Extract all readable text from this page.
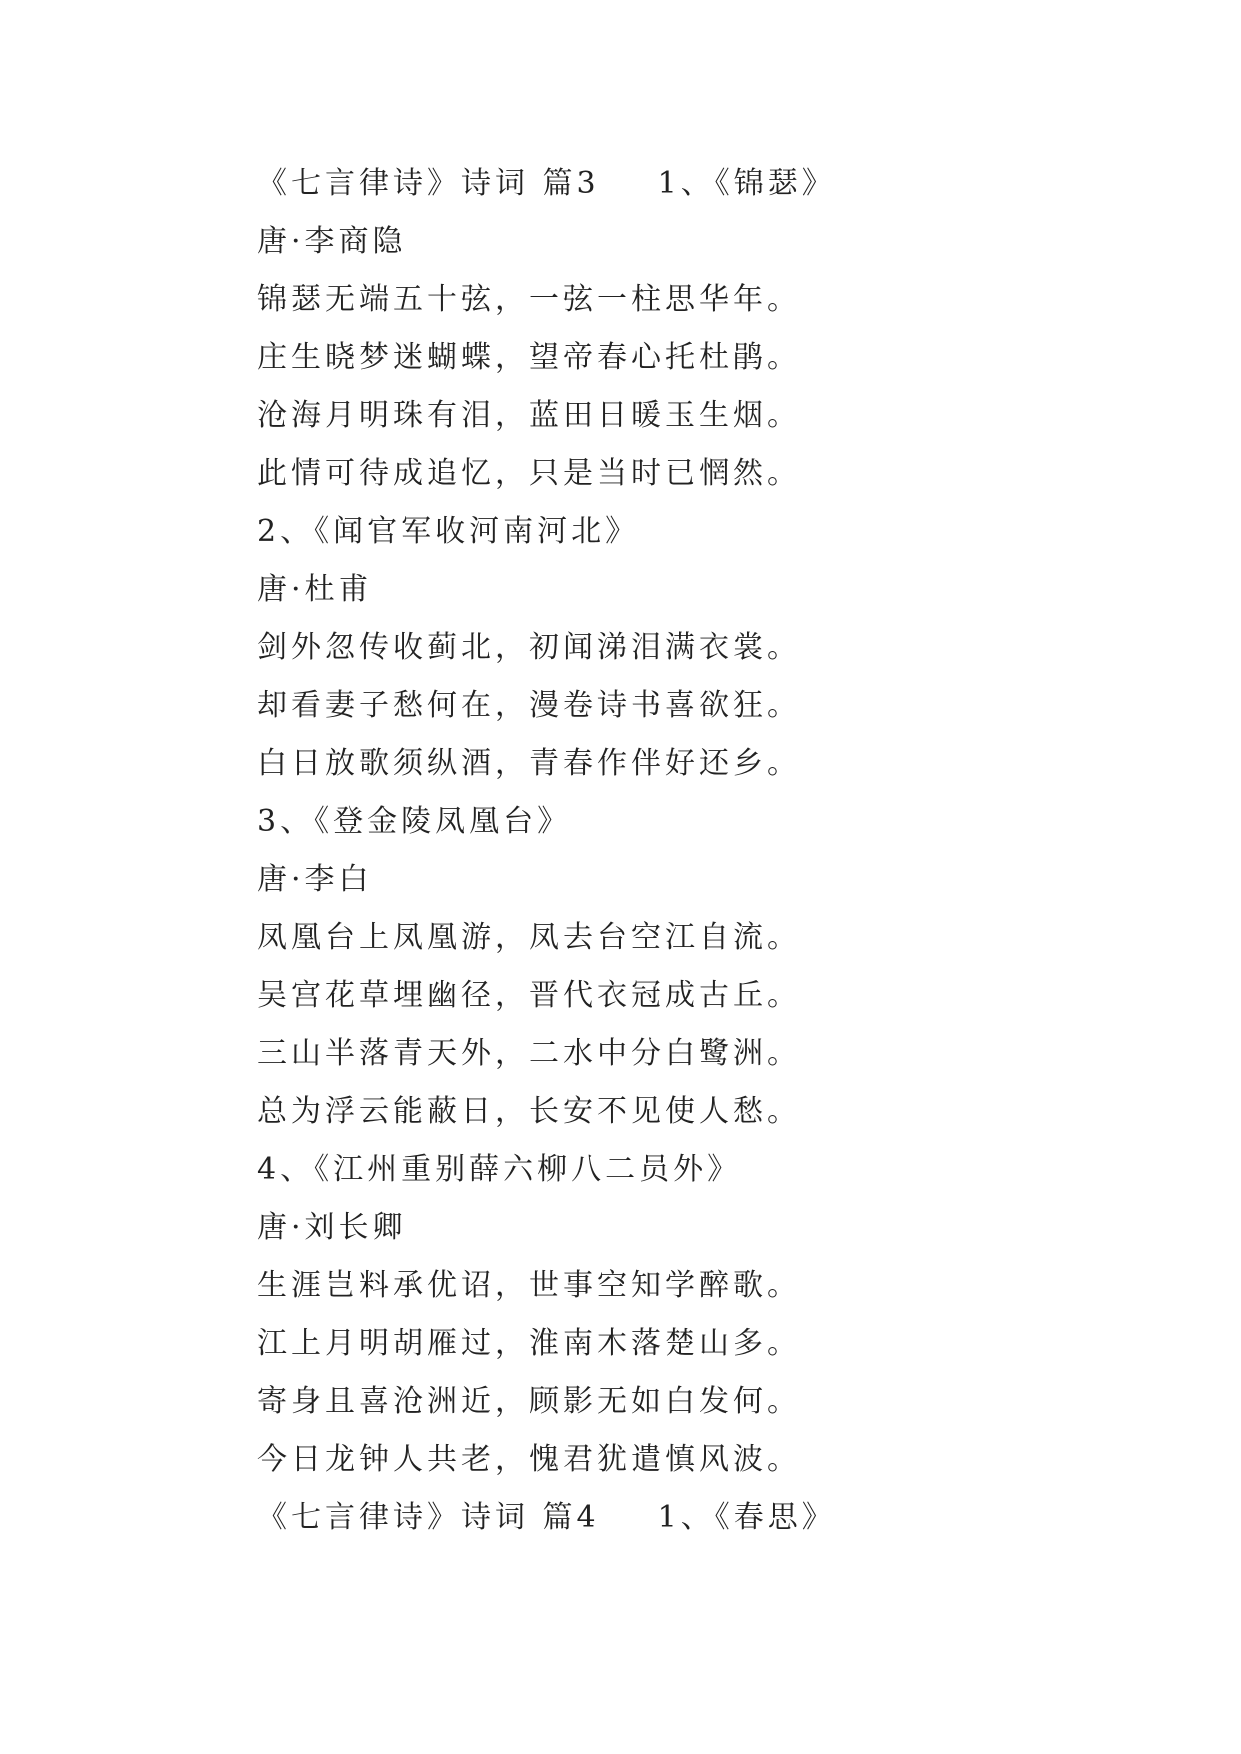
《七言律诗》诗词 篇3 1、《锦瑟》
唐·李商隐
锦瑟无端五十弦，一弦一柱思华年。
庄生晓梦迷蝴蝶，望帝春心托杜鹃。
沧海月明珠有泪，蓝田日暖玉生烟。
此情可待成追忆，只是当时已惘然。
2、《闻官军收河南河北》
唐·杜甫
剑外忽传收蓟北，初闻涕泪满衣裳。
却看妻子愁何在，漫卷诗书喜欲狂。
白日放歌须纵酒，青春作伴好还乡。
3、《登金陵凤凰台》
唐·李白
凤凰台上凤凰游，凤去台空江自流。
吴宫花草埋幽径，晋代衣冠成古丘。
三山半落青天外，二水中分白鹭洲。
总为浮云能蔽日，长安不见使人愁。
4、《江州重别薛六柳八二员外》
唐·刘长卿
生涯岂料承优诏，世事空知学醉歌。
江上月明胡雁过，淮南木落楚山多。
寄身且喜沧洲近，顾影无如白发何。
今日龙钟人共老，愧君犹遣慎风波。
《七言律诗》诗词 篇4 1、《春思》
